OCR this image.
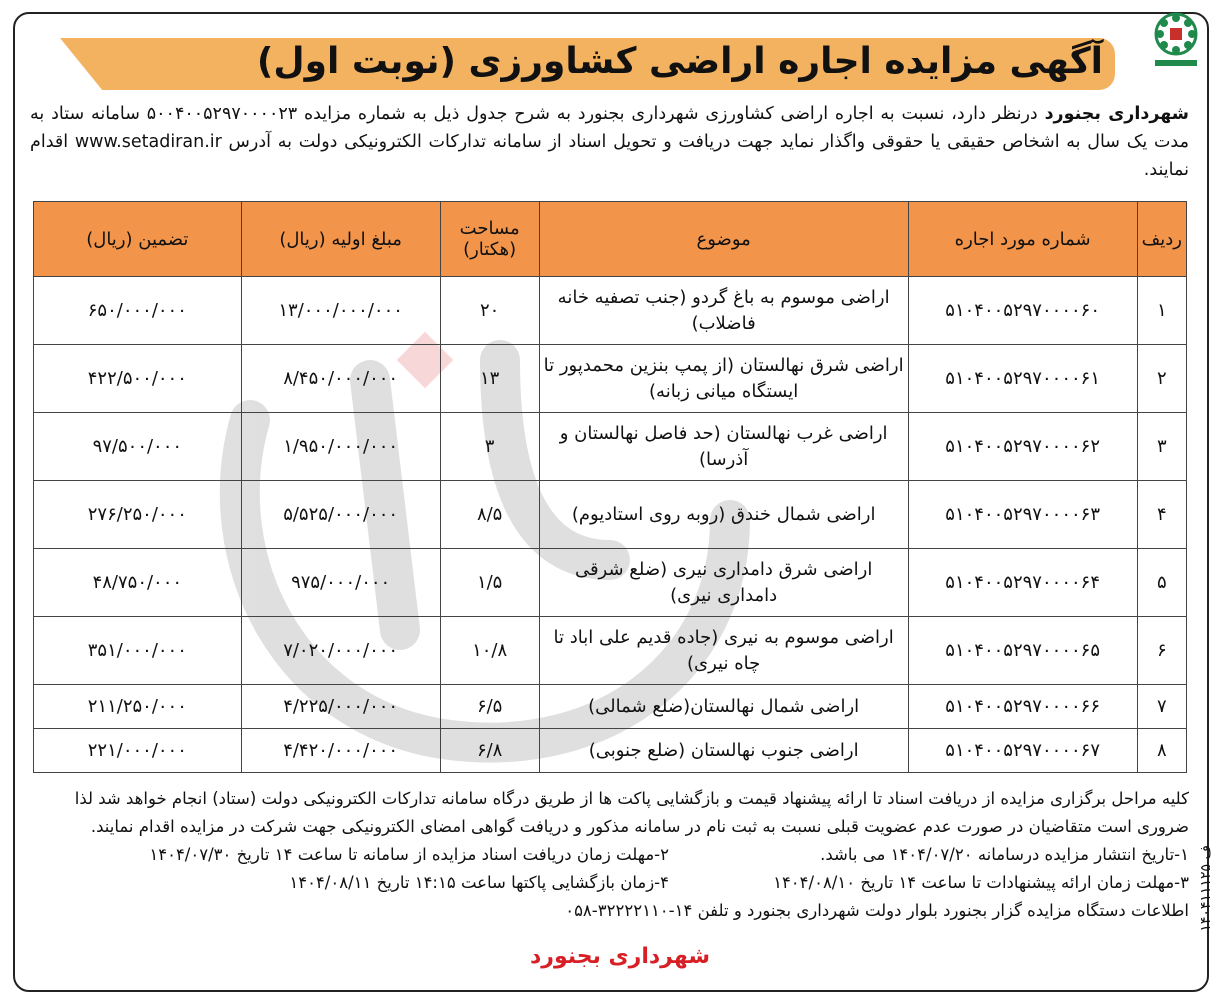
آگهی مزایده اجاره اراضی کشاورزی (نوبت اول)
شهرداری بجنورد درنظر دارد، نسبت به اجاره اراضی کشاورزی شهرداری بجنورد به شرح جدول ذیل به شماره مزایده ۵۰۰۴۰۰۵۲۹۷۰۰۰۰۲۳ سامانه ستاد به مدت یک سال به اشخاص حقیقی یا حقوقی واگذار نماید جهت دریافت و تحویل اسناد از سامانه تدارکات الکترونیکی دولت به آدرس www.setadiran.ir اقدام نمایند.
ردیف	شماره مورد اجاره	موضوع	مساحت (هکتار)	مبلغ اولیه (ریال)	تضمین (ریال)
۱	۵۱۰۴۰۰۵۲۹۷۰۰۰۰۶۰	اراضی موسوم به باغ گردو (جنب تصفیه خانه فاضلاب)	۲۰	۱۳/۰۰۰/۰۰۰/۰۰۰	۶۵۰/۰۰۰/۰۰۰
۲	۵۱۰۴۰۰۵۲۹۷۰۰۰۰۶۱	اراضی شرق نهالستان (از پمپ بنزین محمدپور تا ایستگاه میانی زبانه)	۱۳	۸/۴۵۰/۰۰۰/۰۰۰	۴۲۲/۵۰۰/۰۰۰
۳	۵۱۰۴۰۰۵۲۹۷۰۰۰۰۶۲	اراضی غرب نهالستان (حد فاصل نهالستان و آذرسا)	۳	۱/۹۵۰/۰۰۰/۰۰۰	۹۷/۵۰۰/۰۰۰
۴	۵۱۰۴۰۰۵۲۹۷۰۰۰۰۶۳	اراضی شمال خندق (روبه روی استادیوم)	۸/۵	۵/۵۲۵/۰۰۰/۰۰۰	۲۷۶/۲۵۰/۰۰۰
۵	۵۱۰۴۰۰۵۲۹۷۰۰۰۰۶۴	اراضی شرق دامداری نیری (ضلع شرقی دامداری نیری)	۱/۵	۹۷۵/۰۰۰/۰۰۰	۴۸/۷۵۰/۰۰۰
۶	۵۱۰۴۰۰۵۲۹۷۰۰۰۰۶۵	اراضی موسوم به نیری (جاده قدیم علی اباد تا چاه نیری)	۱۰/۸	۷/۰۲۰/۰۰۰/۰۰۰	۳۵۱/۰۰۰/۰۰۰
۷	۵۱۰۴۰۰۵۲۹۷۰۰۰۰۶۶	اراضی شمال نهالستان(ضلع شمالی)	۶/۵	۴/۲۲۵/۰۰۰/۰۰۰	۲۱۱/۲۵۰/۰۰۰
۸	۵۱۰۴۰۰۵۲۹۷۰۰۰۰۶۷	اراضی جنوب نهالستان (ضلع جنوبی)	۶/۸	۴/۴۲۰/۰۰۰/۰۰۰	۲۲۱/۰۰۰/۰۰۰
کلیه مراحل برگزاری مزایده از دریافت اسناد تا ارائه پیشنهاد قیمت و بازگشایی پاکت ها از طریق درگاه سامانه تدارکات الکترونیکی دولت (ستاد) انجام خواهد شد لذا ضروری است متقاضیان در صورت عدم عضویت قبلی نسبت به ثبت نام در سامانه مذکور و دریافت گواهی امضای الکترونیکی جهت شرکت در مزایده اقدام نمایند.
۱-تاریخ انتشار مزایده درسامانه ۱۴۰۴/۰۷/۲۰ می باشد.
۲-مهلت زمان دریافت اسناد مزایده از سامانه تا ساعت ۱۴ تاریخ ۱۴۰۴/۰۷/۳۰
۳-مهلت زمان ارائه پیشنهادات تا ساعت ۱۴ تاریخ ۱۴۰۴/۰۸/۱۰
۴-زمان بازگشایی پاکتها ساعت ۱۴:۱۵ تاریخ ۱۴۰۴/۰۸/۱۱
اطلاعات دستگاه مزایده گزار بجنورد بلوار دولت شهرداری بجنورد و تلفن ۱۴-۳۲۲۲۲۱۱۰-۰۵۸
شهرداری بجنورد
۱۴۰۴۱۱۱۲۵ ف
